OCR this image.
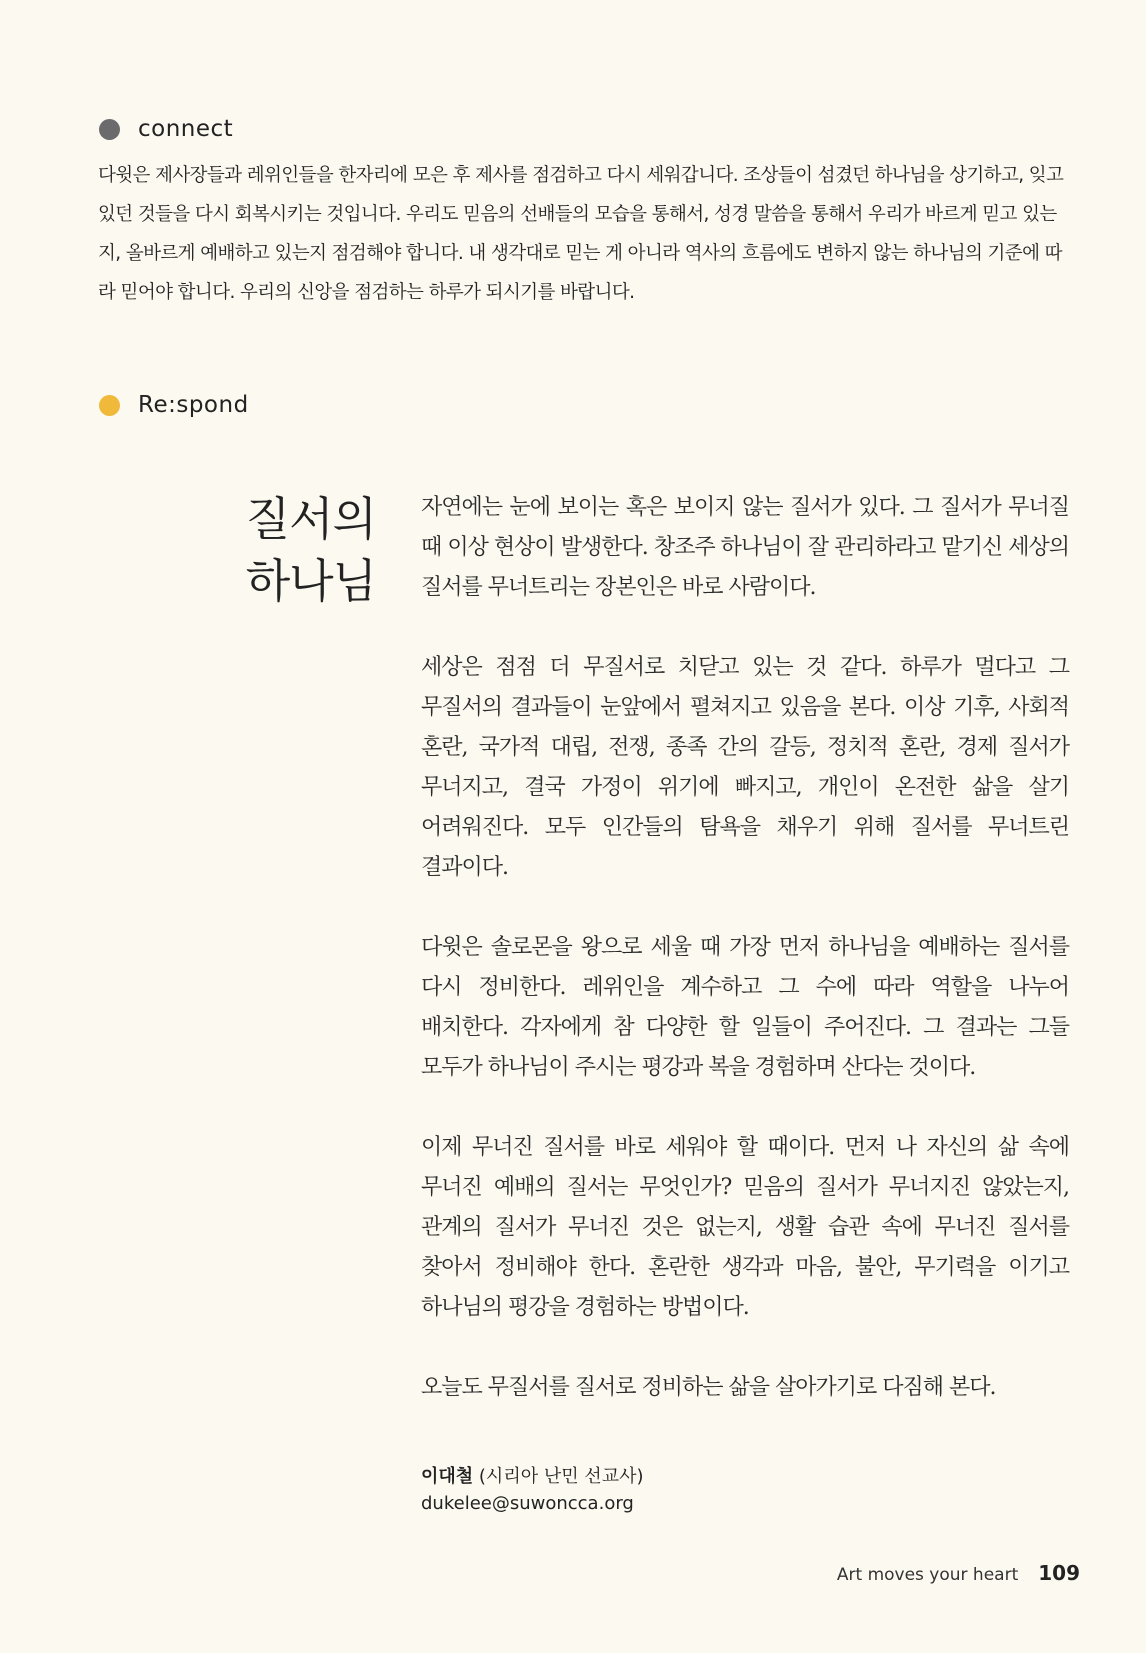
connect

다윗은 제사장들과 레위인들을 한자리에 모은 후 제사를 점검하고 다시 세워갑니다. 조상들이 섬겼던 하나님을 상기하고, 잊고 있던 것들을 다시 회복시키는 것입니다. 우리도 믿음의 선배들의 모습을 통해서, 성경 말씀을 통해서 우리가 바르게 믿고 있는지, 올바르게 예배하고 있는지 점검해야 합니다. 내 생각대로 믿는 게 아니라 역사의 흐름에도 변하지 않는 하나님의 기준에 따라 믿어야 합니다. 우리의 신앙을 점검하는 하루가 되시기를 바랍니다.

Re:spond
질서의
하나님

자연에는 눈에 보이는 혹은 보이지 않는 질서가 있다. 그 질서가 무너질 때 이상 현상이 발생한다. 창조주 하나님이 잘 관리하라고 맡기신 세상의 질서를 무너트리는 장본인은 바로 사람이다.

세상은 점점 더 무질서로 치닫고 있는 것 같다. 하루가 멀다고 그 무질서의 결과들이 눈앞에서 펼쳐지고 있음을 본다. 이상 기후, 사회적 혼란, 국가적 대립, 전쟁, 종족 간의 갈등, 정치적 혼란, 경제 질서가 무너지고, 결국 가정이 위기에 빠지고, 개인이 온전한 삶을 살기 어려워진다. 모두 인간들의 탐욕을 채우기 위해 질서를 무너트린 결과이다.

다윗은 솔로몬을 왕으로 세울 때 가장 먼저 하나님을 예배하는 질서를 다시 정비한다. 레위인을 계수하고 그 수에 따라 역할을 나누어 배치한다. 각자에게 참 다양한 할 일들이 주어진다. 그 결과는 그들 모두가 하나님이 주시는 평강과 복을 경험하며 산다는 것이다.

이제 무너진 질서를 바로 세워야 할 때이다. 먼저 나 자신의 삶 속에 무너진 예배의 질서는 무엇인가? 믿음의 질서가 무너지진 않았는지, 관계의 질서가 무너진 것은 없는지, 생활 습관 속에 무너진 질서를 찾아서 정비해야 한다. 혼란한 생각과 마음, 불안, 무기력을 이기고 하나님의 평강을 경험하는 방법이다.

오늘도 무질서를 질서로 정비하는 삶을 살아가기로 다짐해 본다.

이대철 (시리아 난민 선교사)
dukelee@suwoncca.org
Art moves your heart 109
